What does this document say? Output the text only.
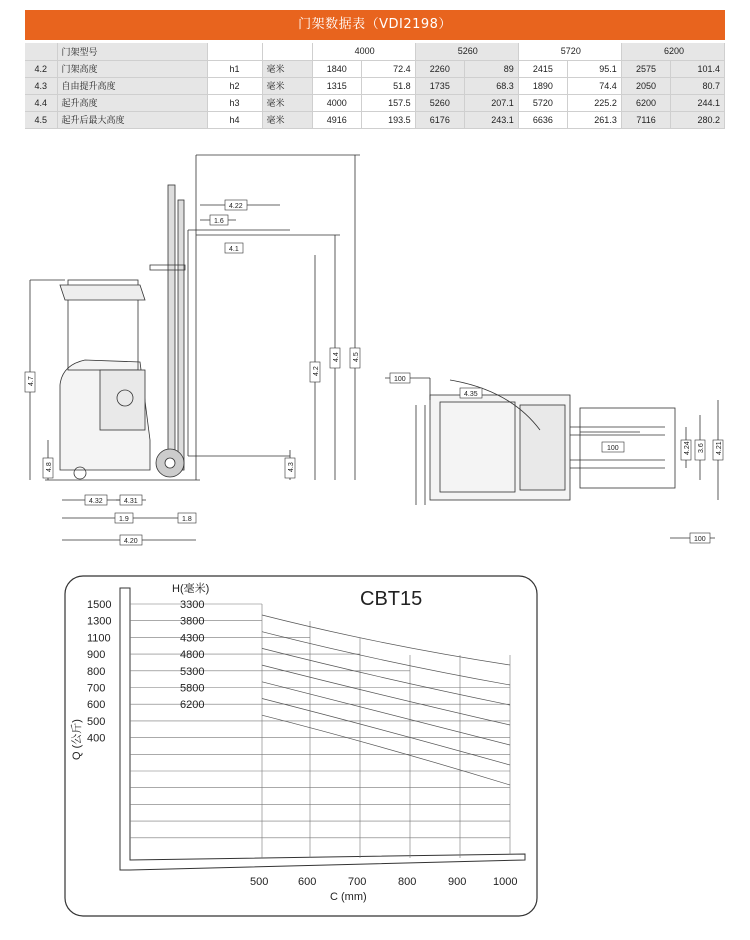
门架数据表（VDI2198）
	门架型号			4000		5260		5720		6200	
4.2	门架高度	h1	毫米	1840	72.4	2260	89	2415	95.1	2575	101.4
4.3	自由提升高度	h2	毫米	1315	51.8	1735	68.3	1890	74.4	2050	80.7
4.4	起升高度	h3	毫米	4000	157.5	5260	207.1	5720	225.2	6200	244.1
4.5	起升后最大高度	h4	毫米	4916	193.5	6176	243.1	6636	261.3	7116	280.2
4.22
1.6
4.1
4.4 4.5
4.2
4.7
4.3
4.8
4.32	4.31
1.9	1.8
4.20
100
4.35
100	4.24 3.6 4.21
100
CBT15
H(毫米)
C (mm)
Q (公斤)
1500
1300
1100
900
800
700
600
500
400
3300
3800
4300
4800
5300
5800
6200
500	600	700	800	900 1000
